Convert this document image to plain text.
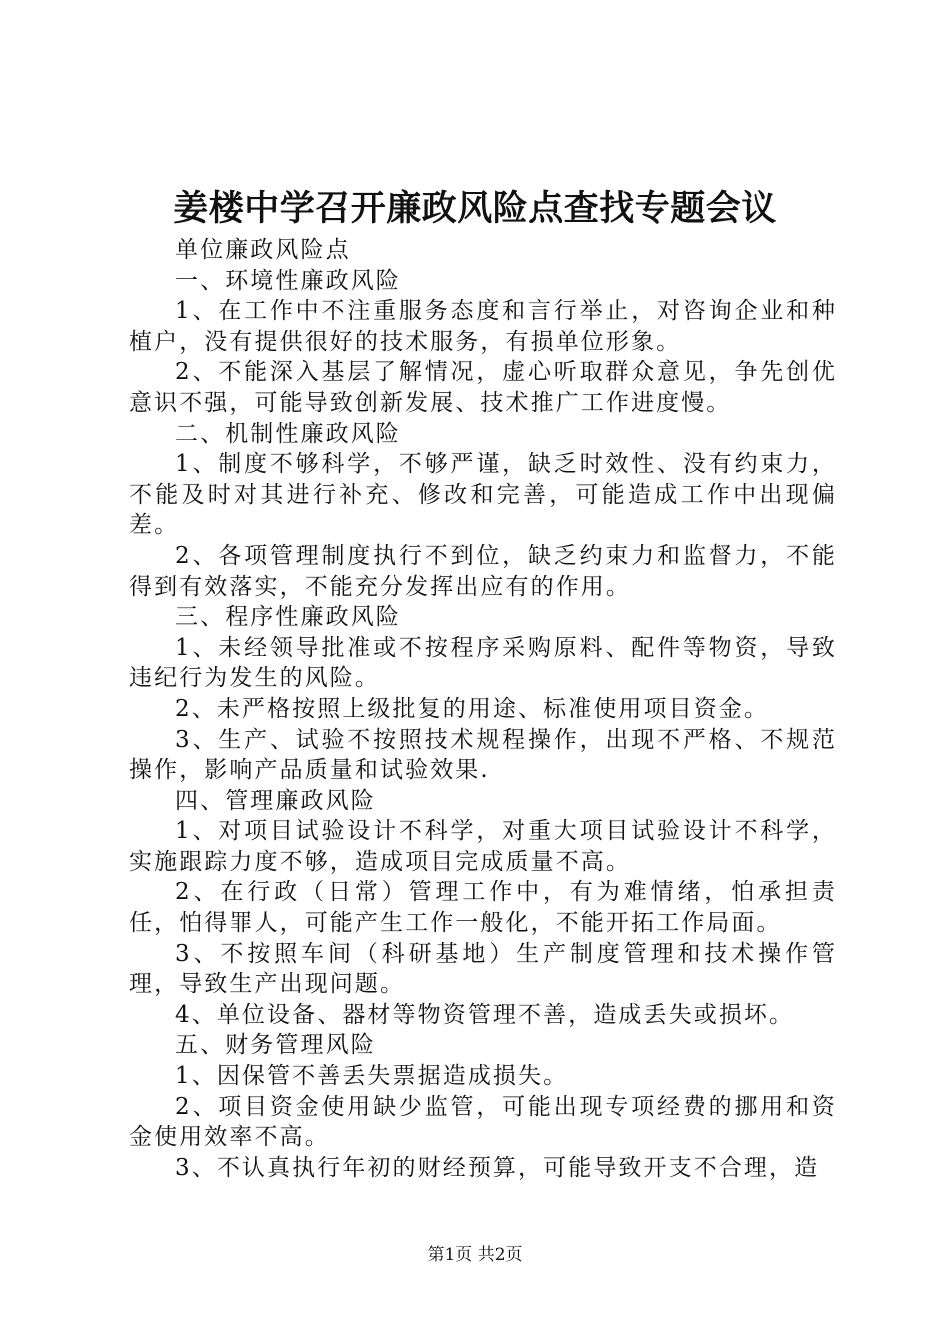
姜楼中学召开廉政风险点查找专题会议

单位廉政风险点

一、环境性廉政风险

1、在工作中不注重服务态度和言行举止，对咨询企业和种植户，没有提供很好的技术服务，有损单位形象。

2、不能深入基层了解情况，虚心听取群众意见，争先创优意识不强，可能导致创新发展、技术推广工作进度慢。

二、机制性廉政风险

1、制度不够科学，不够严谨，缺乏时效性、没有约束力，不能及时对其进行补充、修改和完善，可能造成工作中出现偏差。

2、各项管理制度执行不到位，缺乏约束力和监督力，不能得到有效落实，不能充分发挥出应有的作用。

三、程序性廉政风险

1、未经领导批准或不按程序采购原料、配件等物资，导致违纪行为发生的风险。

2、未严格按照上级批复的用途、标准使用项目资金。

3、生产、试验不按照技术规程操作，出现不严格、不规范操作，影响产品质量和试验效果.

四、管理廉政风险

1、对项目试验设计不科学，对重大项目试验设计不科学，实施跟踪力度不够，造成项目完成质量不高。

2、在行政（日常）管理工作中，有为难情绪，怕承担责任，怕得罪人，可能产生工作一般化，不能开拓工作局面。

3、不按照车间（科研基地）生产制度管理和技术操作管理，导致生产出现问题。

4、单位设备、器材等物资管理不善，造成丢失或损坏。

五、财务管理风险

1、因保管不善丢失票据造成损失。

2、项目资金使用缺少监管，可能出现专项经费的挪用和资金使用效率不高。

3、不认真执行年初的财经预算，可能导致开支不合理，造

第1页 共2页
